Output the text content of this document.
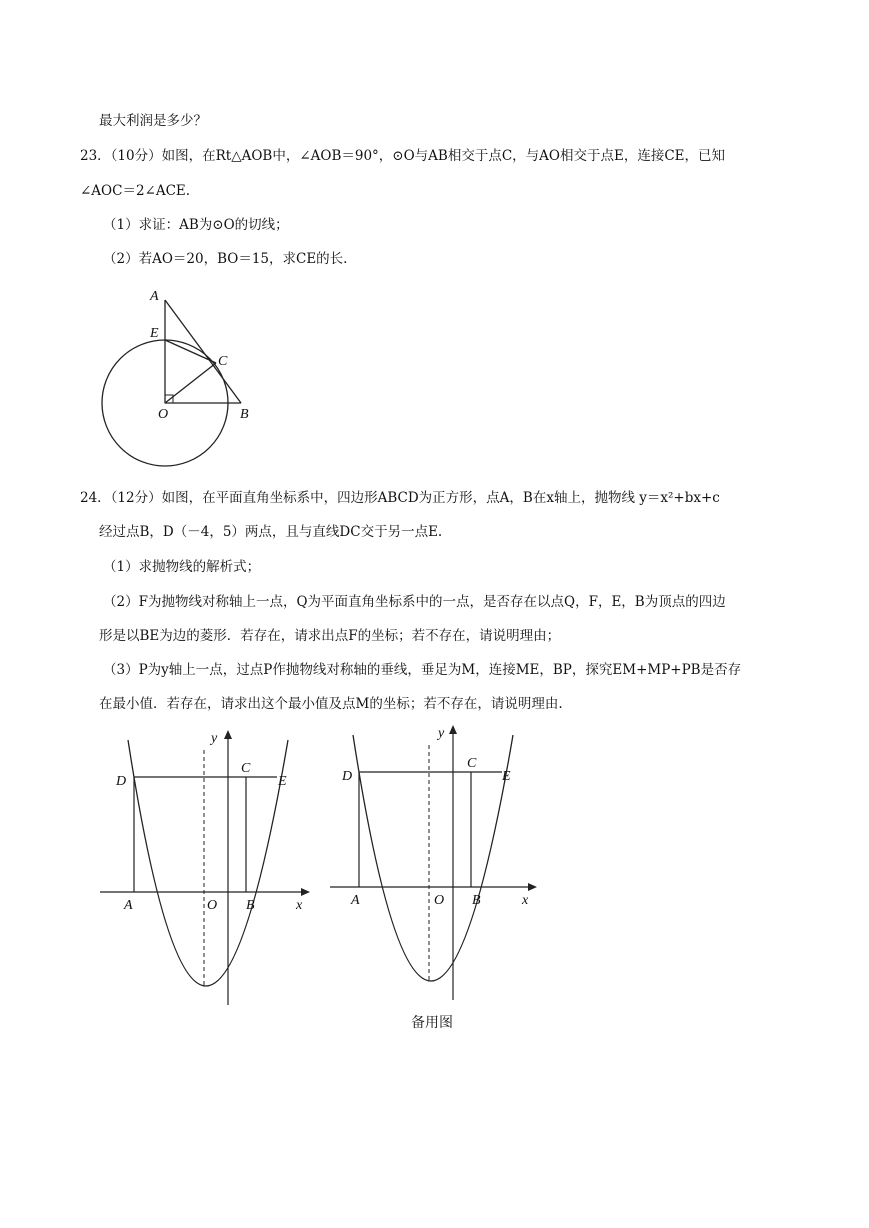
最大利润是多少？
23．（10分）如图，在Rt△AOB中，∠AOB＝90°，⊙O与AB相交于点C，与AO相交于点E，连接CE，已知
∠AOC＝2∠ACE.
（1）求证：AB为⊙O的切线；
（2）若AO＝20，BO＝15，求CE的长.
A
E
C
O	B
24．（12分）如图，在平面直角坐标系中，四边形ABCD为正方形，点A，B在x轴上，抛物线 y＝x²+bx+c
经过点B，D（－4，5）两点，且与直线DC交于另一点E.
（1）求抛物线的解析式；
（2）F为抛物线对称轴上一点，Q为平面直角坐标系中的一点，是否存在以点Q，F，E，B为顶点的四边
形是以BE为边的菱形．若存在，请求出点F的坐标；若不存在，请说明理由；
（3）P为y轴上一点，过点P作抛物线对称轴的垂线，垂足为M，连接ME，BP，探究EM+MP+PB是否存
在最小值．若存在，请求出这个最小值及点M的坐标；若不存在，请说明理由.
y
x
D
C
E
A	O B
y
x
D
C
E
A	O B
备用图
